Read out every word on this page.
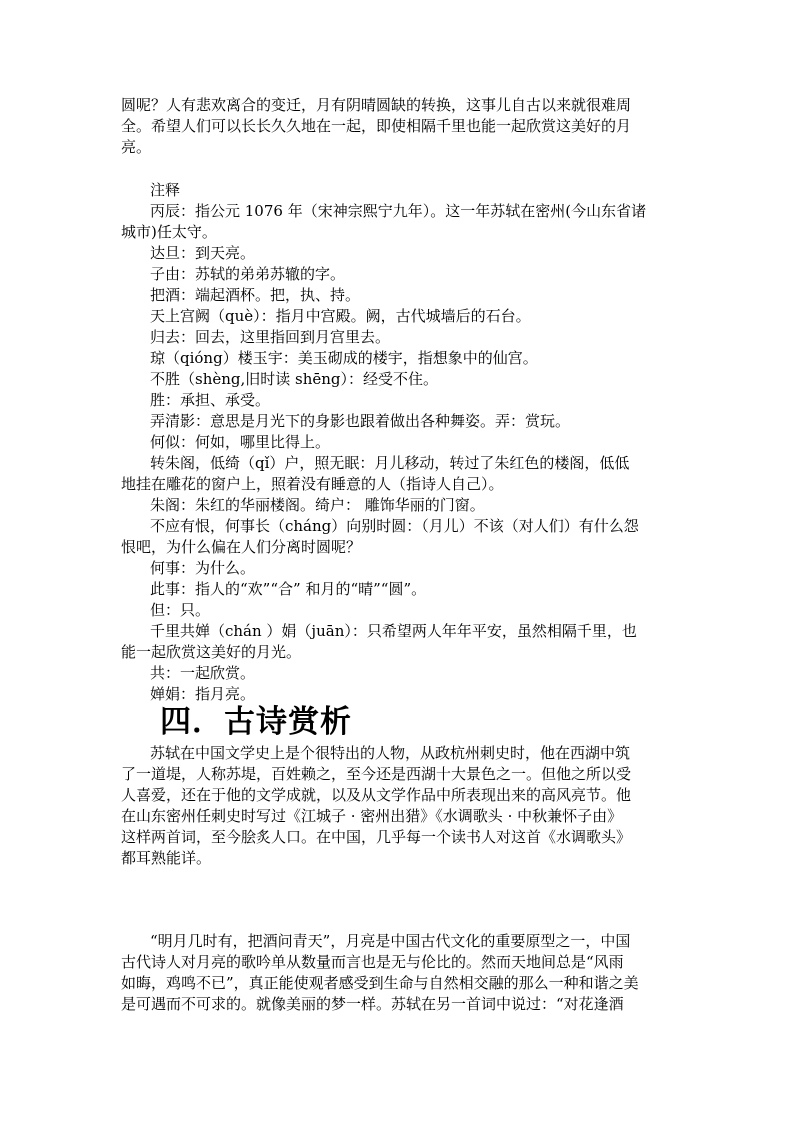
圆呢？人有悲欢离合的变迁，月有阴晴圆缺的转换，这事儿自古以来就很难周
全。希望人们可以长长久久地在一起，即使相隔千里也能一起欣赏这美好的月
亮。
注释
丙辰：指公元 1076 年（宋神宗熙宁九年）。这一年苏轼在密州(今山东省诸
城市)任太守。
达旦：到天亮。
子由：苏轼的弟弟苏辙的字。
把酒：端起酒杯。把，执、持。
天上宫阙（què）：指月中宫殿。阙，古代城墙后的石台。
归去：回去，这里指回到月宫里去。
琼（qióng）楼玉宇：美玉砌成的楼宇，指想象中的仙宫。
不胜（shèng,旧时读 shēng）：经受不住。
胜：承担、承受。
弄清影：意思是月光下的身影也跟着做出各种舞姿。弄：赏玩。
何似：何如，哪里比得上。
转朱阁，低绮（qǐ）户，照无眠：月儿移动，转过了朱红色的楼阁，低低
地挂在雕花的窗户上，照着没有睡意的人（指诗人自己）。
朱阁：朱红的华丽楼阁。绮户： 雕饰华丽的门窗。
不应有恨，何事长（cháng）向别时圆：（月儿）不该（对人们）有什么怨
恨吧，为什么偏在人们分离时圆呢？
何事：为什么。
此事：指人的“欢”“合” 和月的“晴”“圆”。
但：只。
千里共婵（chán ）娟（juān）：只希望两人年年平安，虽然相隔千里，也
能一起欣赏这美好的月光。
共：一起欣赏。
婵娟：指月亮。
四．古诗赏析
苏轼在中国文学史上是个很特出的人物，从政杭州刺史时，他在西湖中筑
了一道堤，人称苏堤，百姓赖之，至今还是西湖十大景色之一。但他之所以受
人喜爱，还在于他的文学成就，以及从文学作品中所表现出来的高风亮节。他
在山东密州任刺史时写过《江城子 · 密州出猎》《水调歌头 · 中秋兼怀子由》
这样两首词，至今脍炙人口。在中国，几乎每一个读书人对这首《水调歌头》
都耳熟能详。
“明月几时有，把酒问青天”，月亮是中国古代文化的重要原型之一，中国
古代诗人对月亮的歌吟单从数量而言也是无与伦比的。然而天地间总是“风雨
如晦，鸡鸣不已”，真正能使观者感受到生命与自然相交融的那么一种和谐之美
是可遇而不可求的。就像美丽的梦一样。苏轼在另一首词中说过：“对花逢酒
